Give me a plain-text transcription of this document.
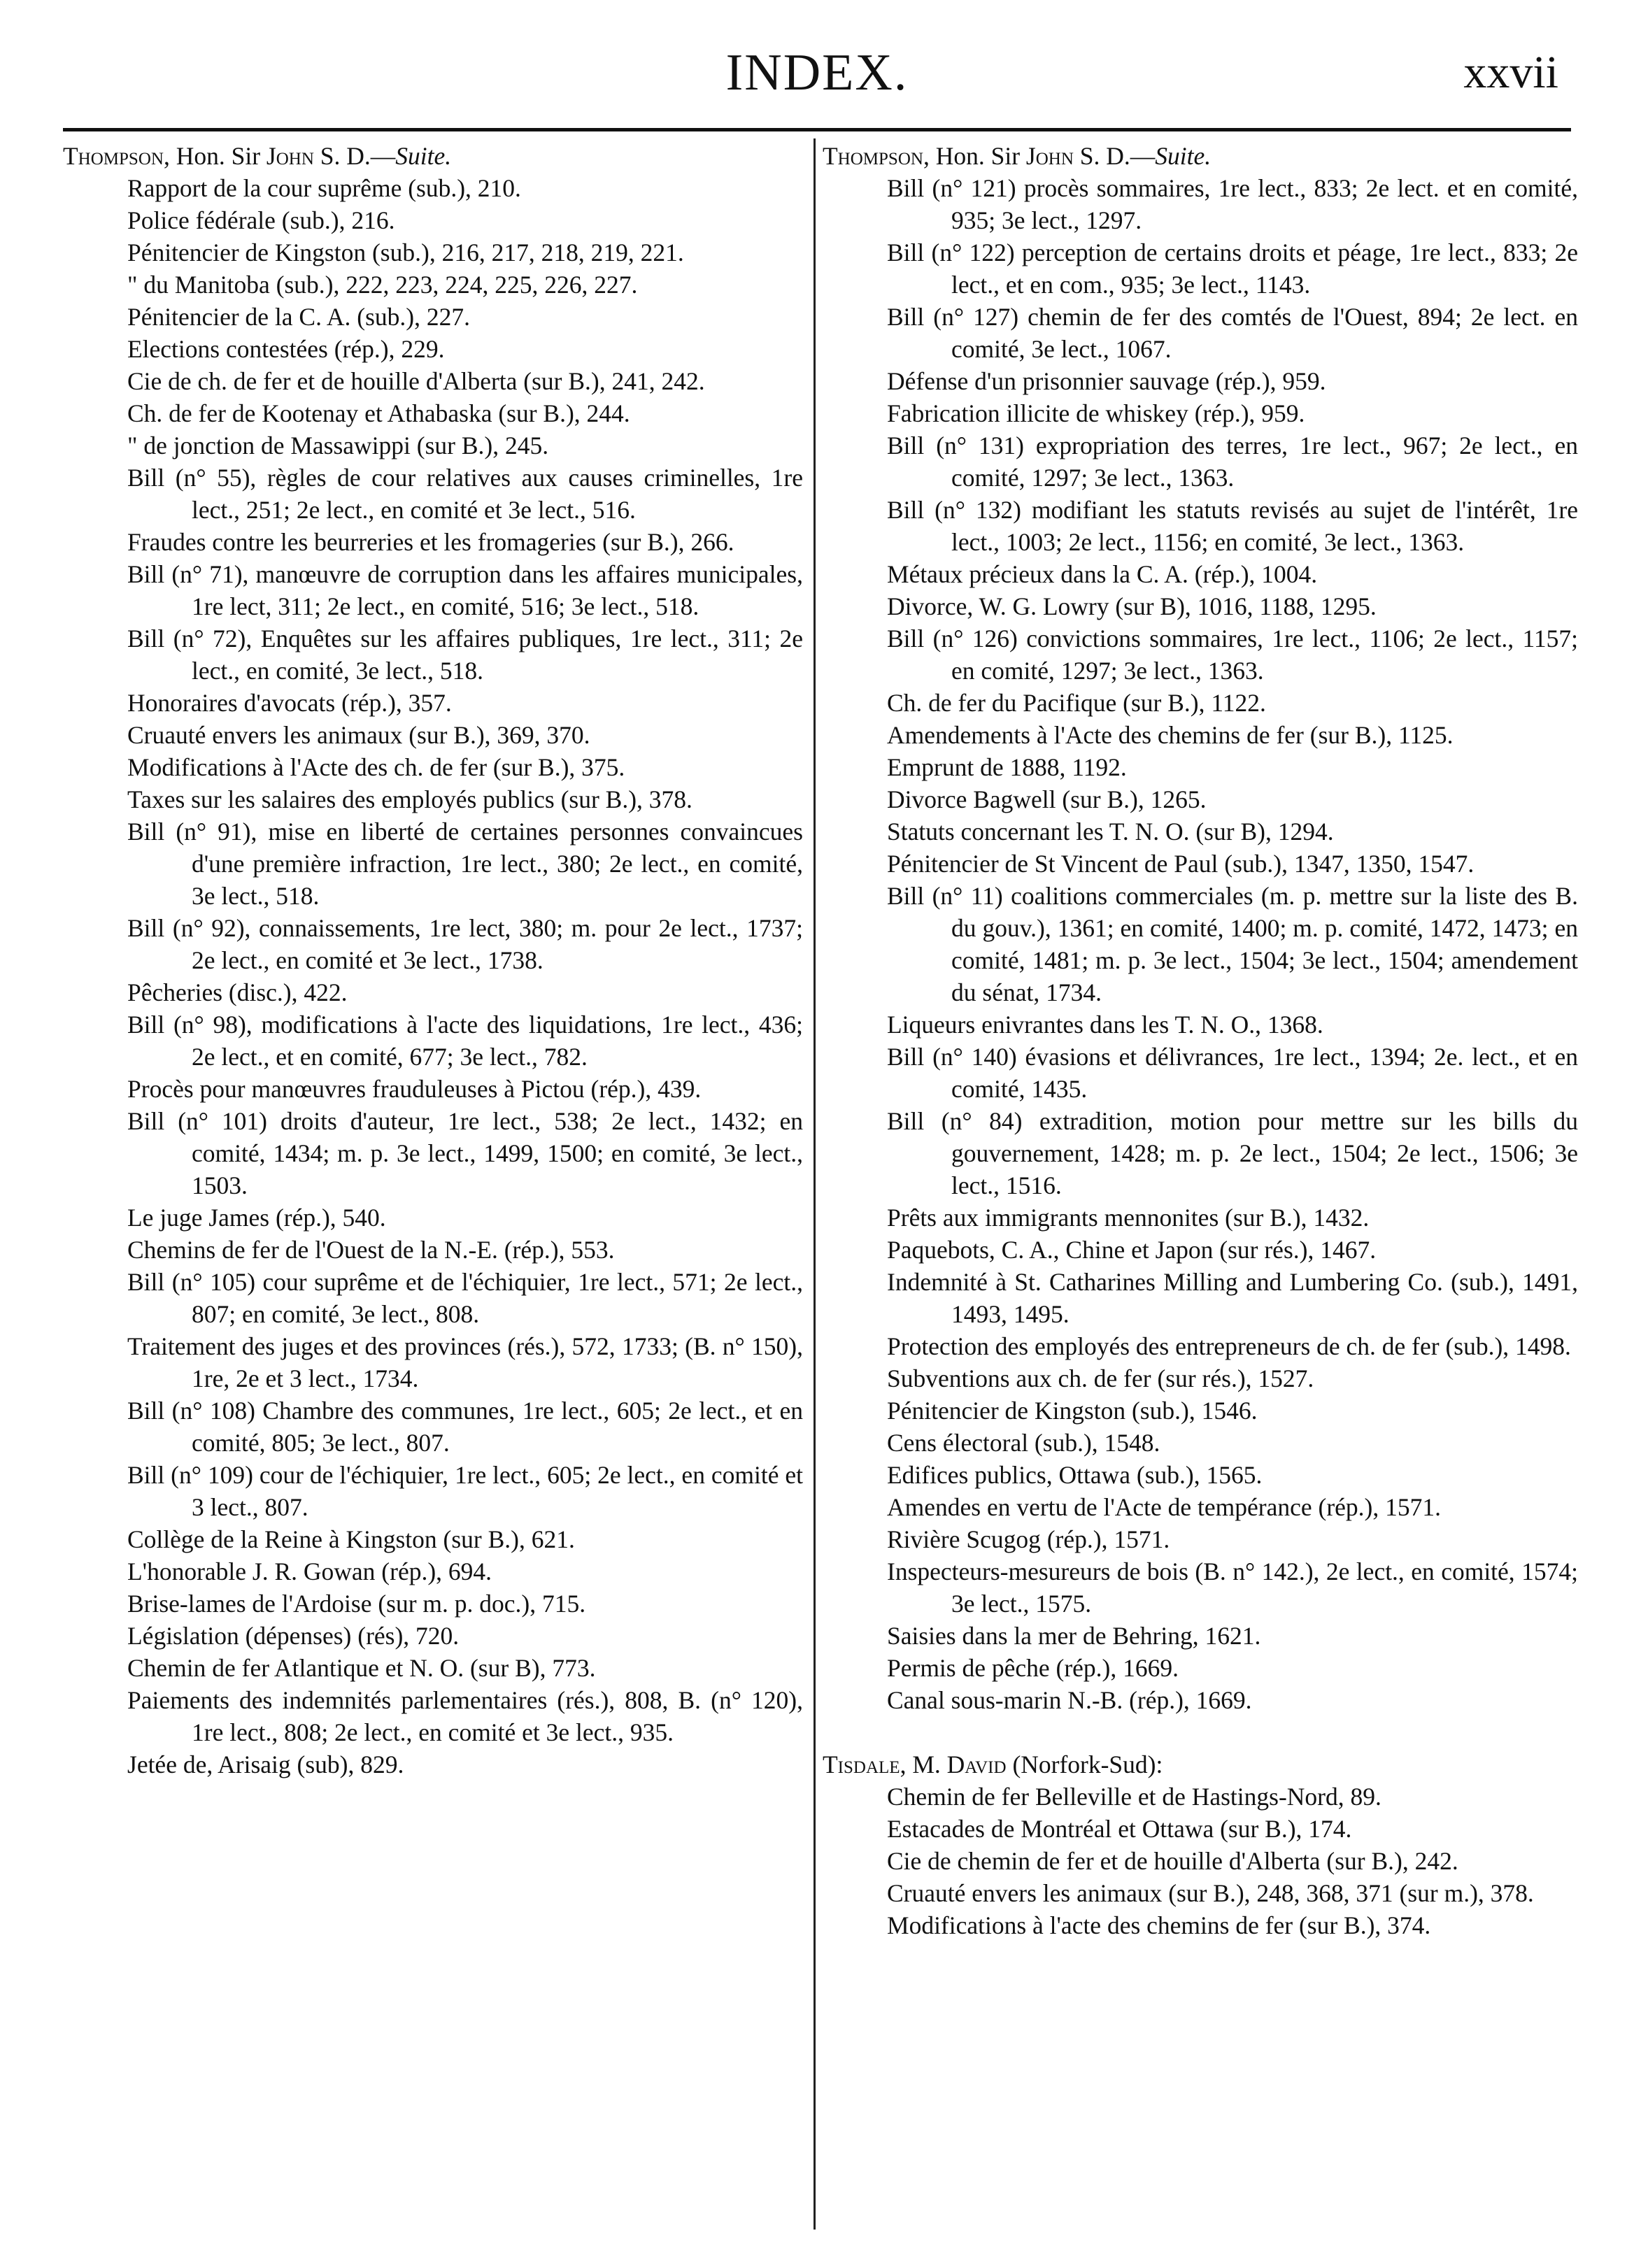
INDEX.	xxvii
Thompson, Hon. Sir John S. D.—Suite.
Rapport de la cour suprême (sub.), 210.
Police fédérale (sub.), 216.
Pénitencier de Kingston (sub.), 216, 217, 218, 219, 221.
" du Manitoba (sub.), 222, 223, 224, 225, 226, 227.
Pénitencier de la C. A. (sub.), 227.
Elections contestées (rép.), 229.
Cie de ch. de fer et de houille d'Alberta (sur B.), 241, 242.
Ch. de fer de Kootenay et Athabaska (sur B.), 244.
" de jonction de Massawippi (sur B.), 245.
Bill (n° 55), règles de cour relatives aux causes criminelles, 1re lect., 251; 2e lect., en comité et 3e lect., 516.
Fraudes contre les beurreries et les fromageries (sur B.), 266.
Bill (n° 71), manœuvre de corruption dans les affaires municipales, 1re lect, 311; 2e lect., en comité, 516; 3e lect., 518.
Bill (n° 72), Enquêtes sur les affaires publiques, 1re lect., 311; 2e lect., en comité, 3e lect., 518.
Honoraires d'avocats (rép.), 357.
Cruauté envers les animaux (sur B.), 369, 370.
Modifications à l'Acte des ch. de fer (sur B.), 375.
Taxes sur les salaires des employés publics (sur B.), 378.
Bill (n° 91), mise en liberté de certaines personnes convaincues d'une première infraction, 1re lect., 380; 2e lect., en comité, 3e lect., 518.
Bill (n° 92), connaissements, 1re lect, 380; m. pour 2e lect., 1737; 2e lect., en comité et 3e lect., 1738.
Pêcheries (disc.), 422.
Bill (n° 98), modifications à l'acte des liquidations, 1re lect., 436; 2e lect., et en comité, 677; 3e lect., 782.
Procès pour manœuvres frauduleuses à Pictou (rép.), 439.
Bill (n° 101) droits d'auteur, 1re lect., 538; 2e lect., 1432; en comité, 1434; m. p. 3e lect., 1499, 1500; en comité, 3e lect., 1503.
Le juge James (rép.), 540.
Chemins de fer de l'Ouest de la N.-E. (rép.), 553.
Bill (n° 105) cour suprême et de l'échiquier, 1re lect., 571; 2e lect., 807; en comité, 3e lect., 808.
Traitement des juges et des provinces (rés.), 572, 1733; (B. n° 150), 1re, 2e et 3 lect., 1734.
Bill (n° 108) Chambre des communes, 1re lect., 605; 2e lect., et en comité, 805; 3e lect., 807.
Bill (n° 109) cour de l'échiquier, 1re lect., 605; 2e lect., en comité et 3 lect., 807.
Collège de la Reine à Kingston (sur B.), 621.
L'honorable J. R. Gowan (rép.), 694.
Brise-lames de l'Ardoise (sur m. p. doc.), 715.
Législation (dépenses) (rés), 720.
Chemin de fer Atlantique et N. O. (sur B), 773.
Paiements des indemnités parlementaires (rés.), 808, B. (n° 120), 1re lect., 808; 2e lect., en comité et 3e lect., 935.
Jetée de, Arisaig (sub), 829.
Thompson, Hon. Sir John S. D.—Suite.
Bill (n° 121) procès sommaires, 1re lect., 833; 2e lect. et en comité, 935; 3e lect., 1297.
Bill (n° 122) perception de certains droits et péage, 1re lect., 833; 2e lect., et en com., 935; 3e lect., 1143.
Bill (n° 127) chemin de fer des comtés de l'Ouest, 894; 2e lect. en comité, 3e lect., 1067.
Défense d'un prisonnier sauvage (rép.), 959.
Fabrication illicite de whiskey (rép.), 959.
Bill (n° 131) expropriation des terres, 1re lect., 967; 2e lect., en comité, 1297; 3e lect., 1363.
Bill (n° 132) modifiant les statuts revisés au sujet de l'intérêt, 1re lect., 1003; 2e lect., 1156; en comité, 3e lect., 1363.
Métaux précieux dans la C. A. (rép.), 1004.
Divorce, W. G. Lowry (sur B), 1016, 1188, 1295.
Bill (n° 126) convictions sommaires, 1re lect., 1106; 2e lect., 1157; en comité, 1297; 3e lect., 1363.
Ch. de fer du Pacifique (sur B.), 1122.
Amendements à l'Acte des chemins de fer (sur B.), 1125.
Emprunt de 1888, 1192.
Divorce Bagwell (sur B.), 1265.
Statuts concernant les T. N. O. (sur B), 1294.
Pénitencier de St Vincent de Paul (sub.), 1347, 1350, 1547.
Bill (n° 11) coalitions commerciales (m. p. mettre sur la liste des B. du gouv.), 1361; en comité, 1400; m. p. comité, 1472, 1473; en comité, 1481; m. p. 3e lect., 1504; 3e lect., 1504; amendement du sénat, 1734.
Liqueurs enivrantes dans les T. N. O., 1368.
Bill (n° 140) évasions et délivrances, 1re lect., 1394; 2e. lect., et en comité, 1435.
Bill (n° 84) extradition, motion pour mettre sur les bills du gouvernement, 1428; m. p. 2e lect., 1504; 2e lect., 1506; 3e lect., 1516.
Prêts aux immigrants mennonites (sur B.), 1432.
Paquebots, C. A., Chine et Japon (sur rés.), 1467.
Indemnité à St. Catharines Milling and Lumbering Co. (sub.), 1491, 1493, 1495.
Protection des employés des entrepreneurs de ch. de fer (sub.), 1498.
Subventions aux ch. de fer (sur rés.), 1527.
Pénitencier de Kingston (sub.), 1546.
Cens électoral (sub.), 1548.
Edifices publics, Ottawa (sub.), 1565.
Amendes en vertu de l'Acte de tempérance (rép.), 1571.
Rivière Scugog (rép.), 1571.
Inspecteurs-mesureurs de bois (B. n° 142.), 2e lect., en comité, 1574; 3e lect., 1575.
Saisies dans la mer de Behring, 1621.
Permis de pêche (rép.), 1669.
Canal sous-marin N.-B. (rép.), 1669.
Tisdale, M. David (Norfork-Sud):
Chemin de fer Belleville et de Hastings-Nord, 89.
Estacades de Montréal et Ottawa (sur B.), 174.
Cie de chemin de fer et de houille d'Alberta (sur B.), 242.
Cruauté envers les animaux (sur B.), 248, 368, 371 (sur m.), 378.
Modifications à l'acte des chemins de fer (sur B.), 374.
